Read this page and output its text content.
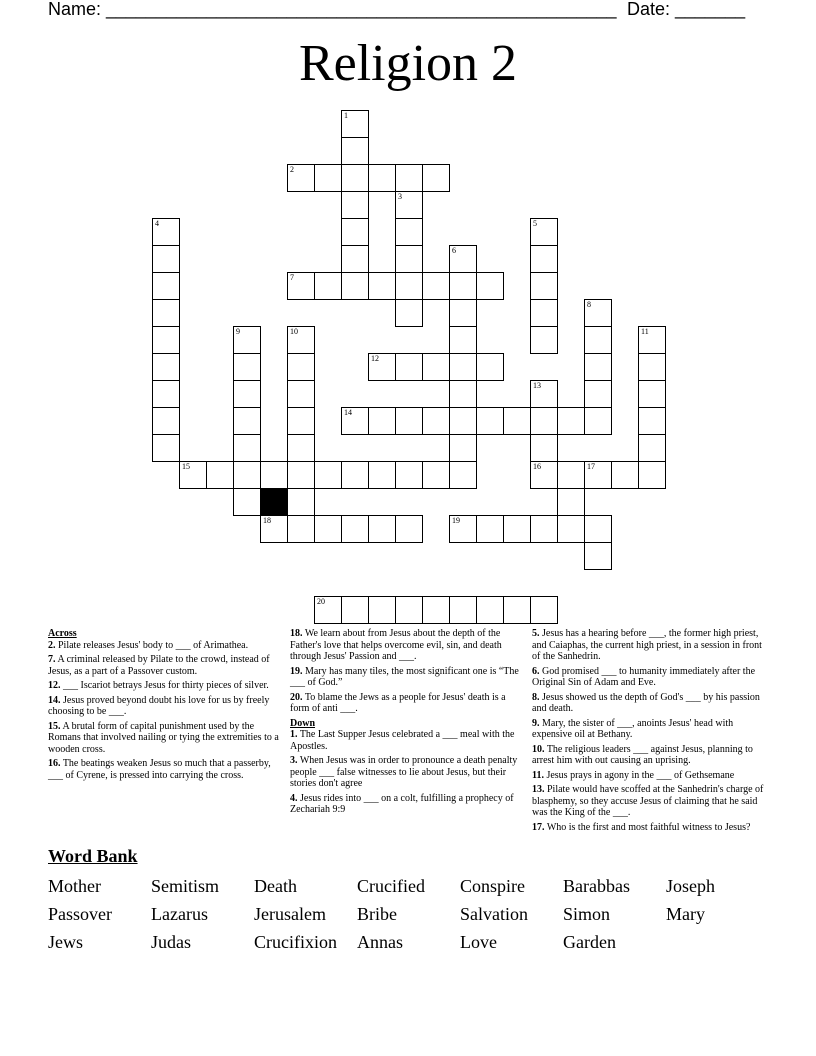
Name: ___________________________________________________ Date: _______
Religion 2
1
2
3
4	5
6
7
8
9	10	11
12
13
14
15	16	17
18	19
20
Across
2. Pilate releases Jesus' body to ___ of Arimathea.
7. A criminal released by Pilate to the crowd, instead of Jesus, as a part of a Passover custom.
12. ___ Iscariot betrays Jesus for thirty pieces of silver.
14. Jesus proved beyond doubt his love for us by freely choosing to be ___.
15. A brutal form of capital punishment used by the Romans that involved nailing or tying the extremities to a wooden cross.
16. The beatings weaken Jesus so much that a passerby, ___ of Cyrene, is pressed into carrying the cross.
18. We learn about from Jesus about the depth of the Father's love that helps overcome evil, sin, and death through Jesus' Passion and ___.
19. Mary has many tiles, the most significant one is “The ___ of God.”
20. To blame the Jews as a people for Jesus' death is a form of anti ___.
Down
1. The Last Supper Jesus celebrated a ___ meal with the Apostles.
3. When Jesus was in order to pronounce a death penalty people ___ false witnesses to lie about Jesus, but their stories don't agree
4. Jesus rides into ___ on a colt, fulfilling a prophecy of Zechariah 9:9
5. Jesus has a hearing before ___, the former high priest, and Caiaphas, the current high priest, in a session in front of the Sanhedrin.
6. God promised ___ to humanity immediately after the Original Sin of Adam and Eve.
8. Jesus showed us the depth of God's ___ by his passion and death.
9. Mary, the sister of ___, anoints Jesus' head with expensive oil at Bethany.
10. The religious leaders ___ against Jesus, planning to arrest him with out causing an uprising.
11. Jesus prays in agony in the ___ of Gethsemane
13. Pilate would have scoffed at the Sanhedrin's charge of blasphemy, so they accuse Jesus of claiming that he said was the King of the ___.
17. Who is the first and most faithful witness to Jesus?
Word Bank
Mother	Semitism Death	Crucified Conspire Barabbas Joseph
Passover Lazarus	Jerusalem Bribe	Salvation Simon	Mary
Jews	Judas	Crucifixion Annas	Love	Garden
